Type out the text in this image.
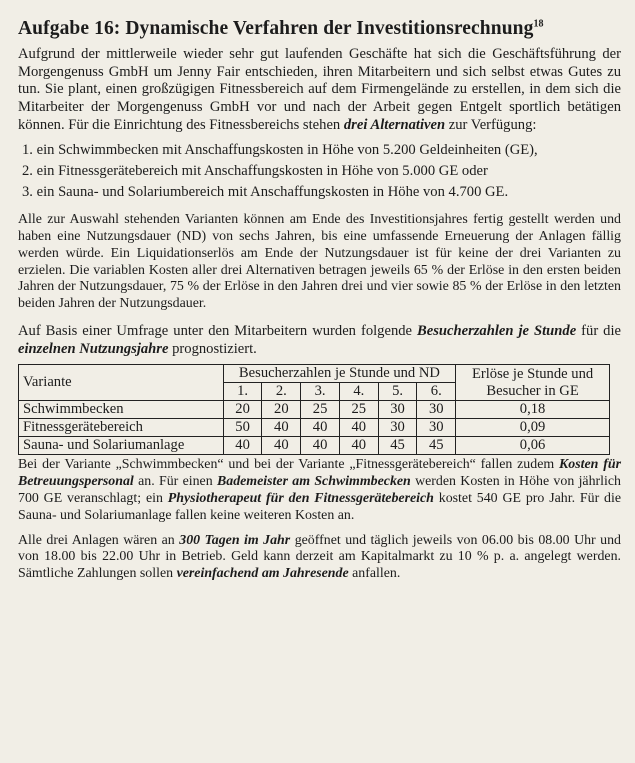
Aufgabe 16: Dynamische Verfahren der Investitionsrechnung$^{18}$

Aufgrund der mittlerweile wieder sehr gut laufenden Geschäfte hat sich die Geschäftsführung der Morgengenuss GmbH um Jenny Fair entschieden, ihren Mitarbeitern und sich selbst etwas Gutes zu tun. Sie plant, einen großzügigen Fitnessbereich auf dem Firmengelände zu erstellen, in dem sich die Mitarbeiter der Morgengenuss GmbH vor und nach der Arbeit gegen Entgelt sportlich betätigen können. Für die Einrichtung des Fitnessbereichs stehen drei Alternativen zur Verfügung:

1. ein Schwimmbecken mit Anschaffungskosten in Höhe von 5.200 Geldeinheiten (GE),
2. ein Fitnessgerätebereich mit Anschaffungskosten in Höhe von 5.000 GE oder
3. ein Sauna- und Solariumbereich mit Anschaffungskosten in Höhe von 4.700 GE.

Alle zur Auswahl stehenden Varianten können am Ende des Investitionsjahres fertig gestellt werden und haben eine Nutzungsdauer (ND) von sechs Jahren, bis eine umfassende Erneuerung der Anlagen fällig werden würde. Ein Liquidationserlös am Ende der Nutzungsdauer ist für keine der drei Varianten zu erzielen. Die variablen Kosten aller drei Alternativen betragen jeweils 65 % der Erlöse in den ersten beiden Jahren der Nutzungsdauer, 75 % der Erlöse in den Jahren drei und vier sowie 85 % der Erlöse in den letzten beiden Jahren der Nutzungsdauer.

Auf Basis einer Umfrage unter den Mitarbeitern wurden folgende Besucherzahlen je Stunde für die einzelnen Nutzungsjahre prognostiziert.

Variante	Besucherzahlen je Stunde und ND						Erlöse je Stunde und Besucher in GE
	1.	2.	3.	4.	5.	6.	
Schwimmbecken	20	20	25	25	30	30	0,18
Fitnessgerätebereich	50	40	40	40	30	30	0,09
Sauna- und Solariumanlage	40	40	40	40	45	45	0,06

Bei der Variante „Schwimmbecken“ und bei der Variante „Fitnessgerätebereich“ fallen zudem Kosten für Betreuungspersonal an. Für einen Bademeister am Schwimmbecken werden Kosten in Höhe von jährlich 700 GE veranschlagt; ein Physiotherapeut für den Fitnessgerätebereich kostet 540 GE pro Jahr. Für die Sauna- und Solariumanlage fallen keine weiteren Kosten an.

Alle drei Anlagen wären an 300 Tagen im Jahr geöffnet und täglich jeweils von 06.00 bis 08.00 Uhr und von 18.00 bis 22.00 Uhr in Betrieb. Geld kann derzeit am Kapitalmarkt zu 10 % p. a. angelegt werden. Sämtliche Zahlungen sollen vereinfachend am Jahresende anfallen.
